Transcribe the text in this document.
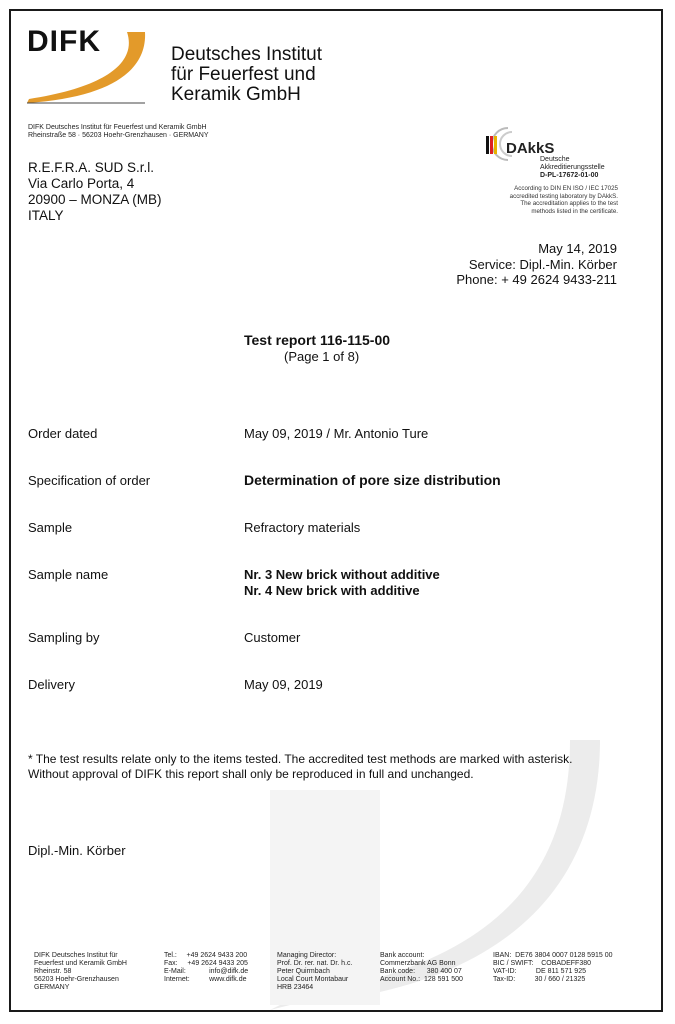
DIFK	Deutsches Institut
für Feuerfest und
Keramik GmbH
DIFK Deutsches Institut für Feuerfest und Keramik GmbH
Rheinstraße 58 · 56203 Hoehr-Grenzhausen · GERMANY
R.E.F.R.A. SUD S.r.l.
Via Carlo Porta, 4
20900 – MONZA (MB)
ITALY
DAkkS
Deutsche
Akkreditierungsstelle
D-PL-17672-01-00
According to DIN EN ISO / IEC 17025
accredited testing laboratory by DAkkS.
The accreditation applies to the test
methods listed in the certificate.
May 14, 2019
Service: Dipl.-Min. Körber
Phone: + 49 2624 9433-211
Test report 116-115-00
(Page 1 of 8)
Order dated	May 09, 2019 / Mr. Antonio Ture
Specification of order	Determination of pore size distribution
Sample	Refractory materials
Sample name	Nr. 3 New brick without additive
Nr. 4 New brick with additive
Sampling by	Customer
Delivery	May 09, 2019
* The test results relate only to the items tested. The accredited test methods are marked with asterisk.
Without approval of DIFK this report shall only be reproduced in full and unchanged.
Dipl.-Min. Körber
DIFK Deutsches Institut für
Feuerfest und Keramik GmbH
Rheinstr. 58
56203 Hoehr-Grenzhausen
GERMANY
Tel.:     +49 2624 9433 200
Fax:     +49 2624 9433 205
E-Mail:            info@difk.de
Internet:          www.difk.de
Managing Director:
Prof. Dr. rer. nat. Dr. h.c.
Peter Quirmbach
Local Court Montabaur
HRB 23464
Bank account:
Commerzbank AG Bonn
Bank code:      380 400 07
Account No.:  128 591 500
IBAN:  DE76 3804 0007 0128 5915 00
BIC / SWIFT:    COBADEFF380
VAT-ID:          DE 811 571 925
Tax-ID:          30 / 660 / 21325
